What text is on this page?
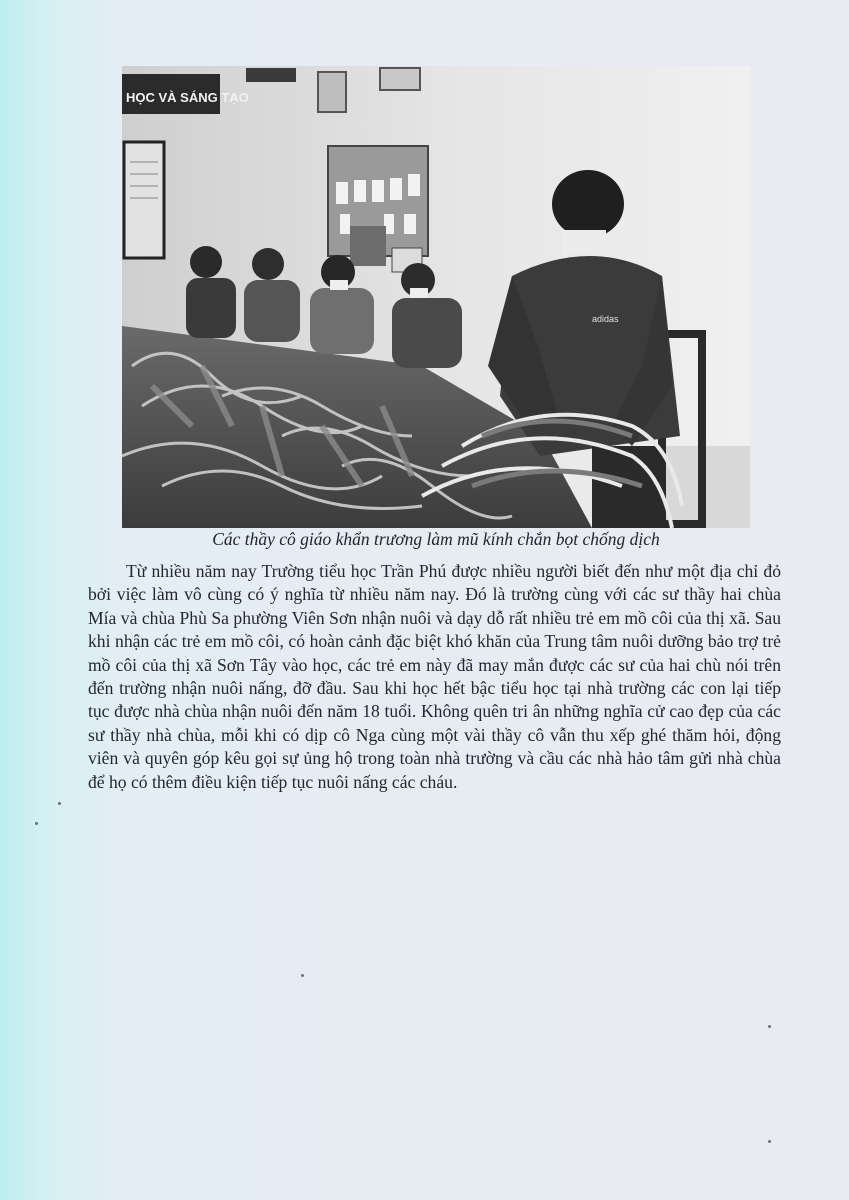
HỌC VÀ SÁNG TẠO
adidas
Các thầy cô giáo khẩn trương làm mũ kính chắn bọt chống dịch

Từ nhiều năm nay Trường tiểu học Trần Phú được nhiều người biết đến như một địa chỉ đỏ bởi việc làm vô cùng có ý nghĩa từ nhiều năm nay. Đó là trường cùng với các sư thầy hai chùa Mía và chùa Phù Sa phường Viên Sơn nhận nuôi và dạy dỗ rất nhiều trẻ em mồ côi của thị xã. Sau khi nhận các trẻ em mồ côi, có hoàn cảnh đặc biệt khó khăn của Trung tâm nuôi dưỡng bảo trợ trẻ mồ côi của thị xã Sơn Tây vào học, các trẻ em này đã may mắn được các sư của hai chù nói trên đến trường nhận nuôi nấng, đỡ đầu. Sau khi học hết bậc tiểu học tại nhà trường các con lại tiếp tục được nhà chùa nhận nuôi đến năm 18 tuổi. Không quên tri ân những nghĩa cử cao đẹp của các sư thầy nhà chùa, mỗi khi có dịp cô Nga cùng một vài thầy cô vẫn thu xếp ghé thăm hỏi, động viên và quyên góp kêu gọi sự ủng hộ trong toàn nhà trường và cầu các nhà hảo tâm gửi nhà chùa để họ có thêm điều kiện tiếp tục nuôi nấng các cháu.
